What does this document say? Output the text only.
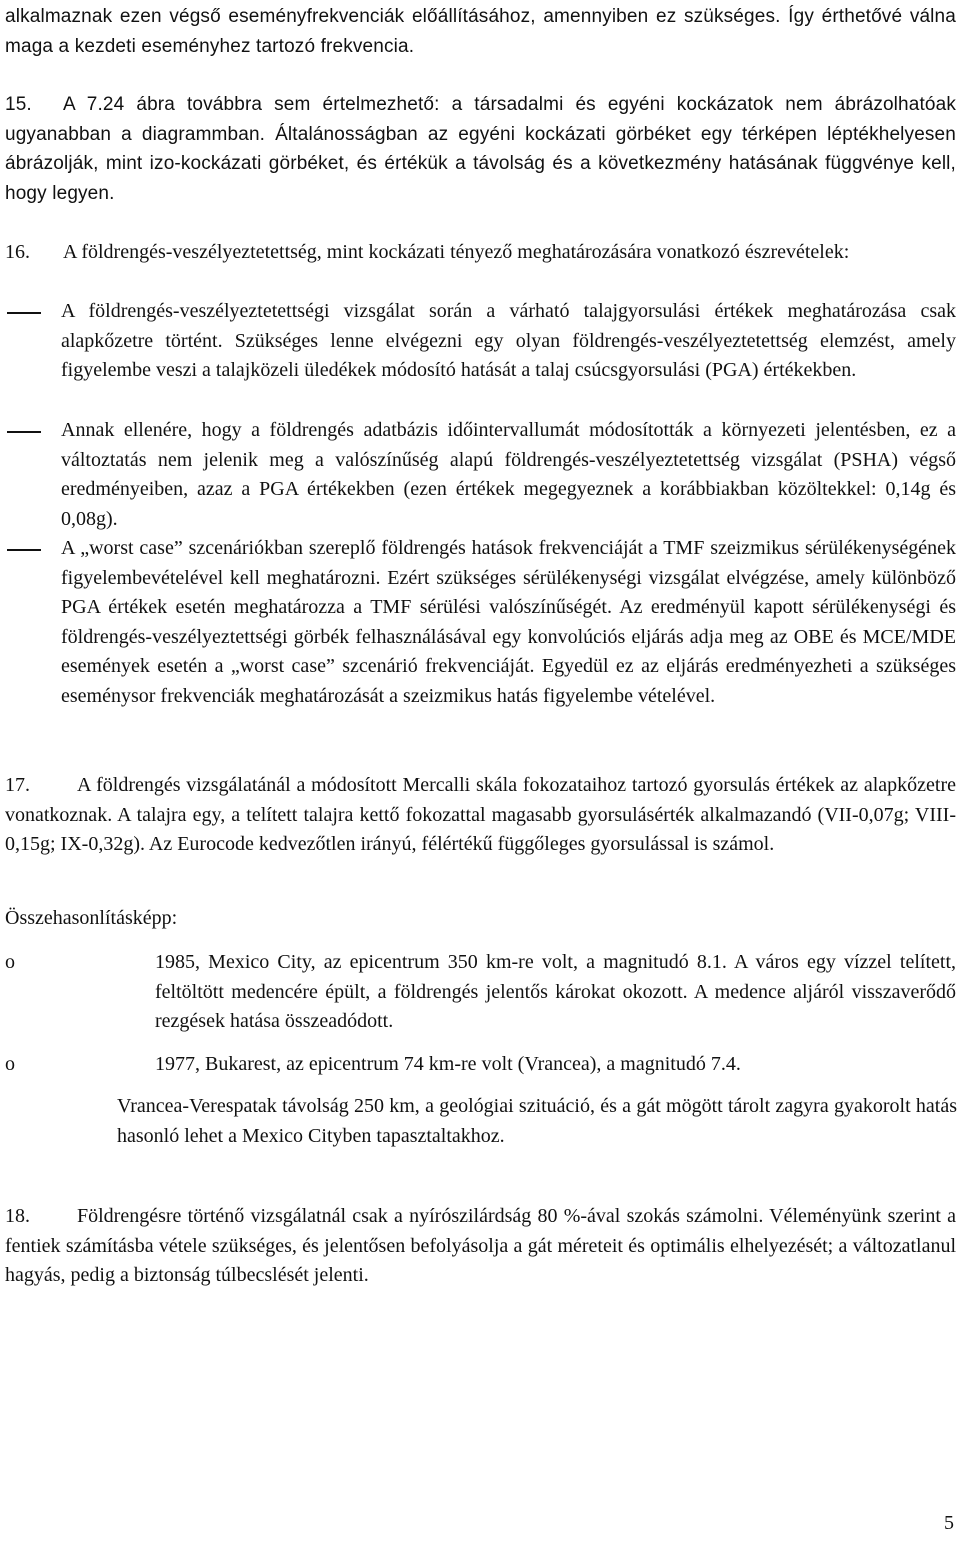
alkalmaznak ezen végső eseményfrekvenciák előállításához, amennyiben ez szükséges. Így érthetővé válna maga a kezdeti eseményhez tartozó frekvencia.

15. A 7.24 ábra továbbra sem értelmezhető: a társadalmi és egyéni kockázatok nem ábrázolhatóak ugyanabban a diagrammban. Általánosságban az egyéni kockázati görbéket egy térképen léptékhelyesen ábrázolják, mint izo-kockázati görbéket, és értékük a távolság és a következmény hatásának függvénye kell, hogy legyen.

16. A földrengés-veszélyeztetettség, mint kockázati tényező meghatározására vonatkozó észrevételek:

A földrengés-veszélyeztetettségi vizsgálat során a várható talajgyorsulási értékek meghatározása csak alapkőzetre történt. Szükséges lenne elvégezni egy olyan földrengés-veszélyeztetettség elemzést, amely figyelembe veszi a talajközeli üledékek módosító hatását a talaj csúcsgyorsulási (PGA) értékekben.

Annak ellenére, hogy a földrengés adatbázis időintervallumát módosították a környezeti jelentésben, ez a változtatás nem jelenik meg a valószínűség alapú földrengés-veszélyeztetettség vizsgálat (PSHA) végső eredményeiben, azaz a PGA értékekben (ezen értékek megegyeznek a korábbiakban közöltekkel: 0,14g és 0,08g).

A „worst case” szcenáriókban szereplő földrengés hatások frekvenciáját a TMF szeizmikus sérülékenységének figyelembevételével kell meghatározni. Ezért szükséges sérülékenységi vizsgálat elvégzése, amely különböző PGA értékek esetén meghatározza a TMF sérülési valószínűségét. Az eredményül kapott sérülékenységi és földrengés-veszélyeztettségi görbék felhasználásával egy konvolúciós eljárás adja meg az OBE és MCE/MDE események esetén a „worst case” szcenárió frekvenciáját. Egyedül ez az eljárás eredményezheti a szükséges eseménysor frekvenciák meghatározását a szeizmikus hatás figyelembe vételével.

17. A földrengés vizsgálatánál a módosított Mercalli skála fokozataihoz tartozó gyorsulás értékek az alapkőzetre vonatkoznak. A talajra egy, a telített talajra kettő fokozattal magasabb gyorsulásérték alkalmazandó (VII-0,07g; VIII-0,15g; IX-0,32g). Az Eurocode kedvezőtlen irányú, félértékű függőleges gyorsulással is számol.

Összehasonlításképp:

o	1985, Mexico City, az epicentrum 350 km-re volt, a magnitudó 8.1. A város egy vízzel telített, feltöltött medencére épült, a földrengés jelentős károkat okozott. A medence aljáról visszaverődő rezgések hatása összeadódott.

o	1977, Bukarest, az epicentrum 74 km-re volt (Vrancea), a magnitudó 7.4.

Vrancea-Verespatak távolság 250 km, a geológiai szituáció, és a gát mögött tárolt zagyra gyakorolt hatás hasonló lehet a Mexico Cityben tapasztaltakhoz.

18. Földrengésre történő vizsgálatnál csak a nyírószilárdság 80 %-ával szokás számolni. Véleményünk szerint a fentiek számításba vétele szükséges, és jelentősen befolyásolja a gát méreteit és optimális elhelyezését; a változatlanul hagyás, pedig a biztonság túlbecslését jelenti.

5
